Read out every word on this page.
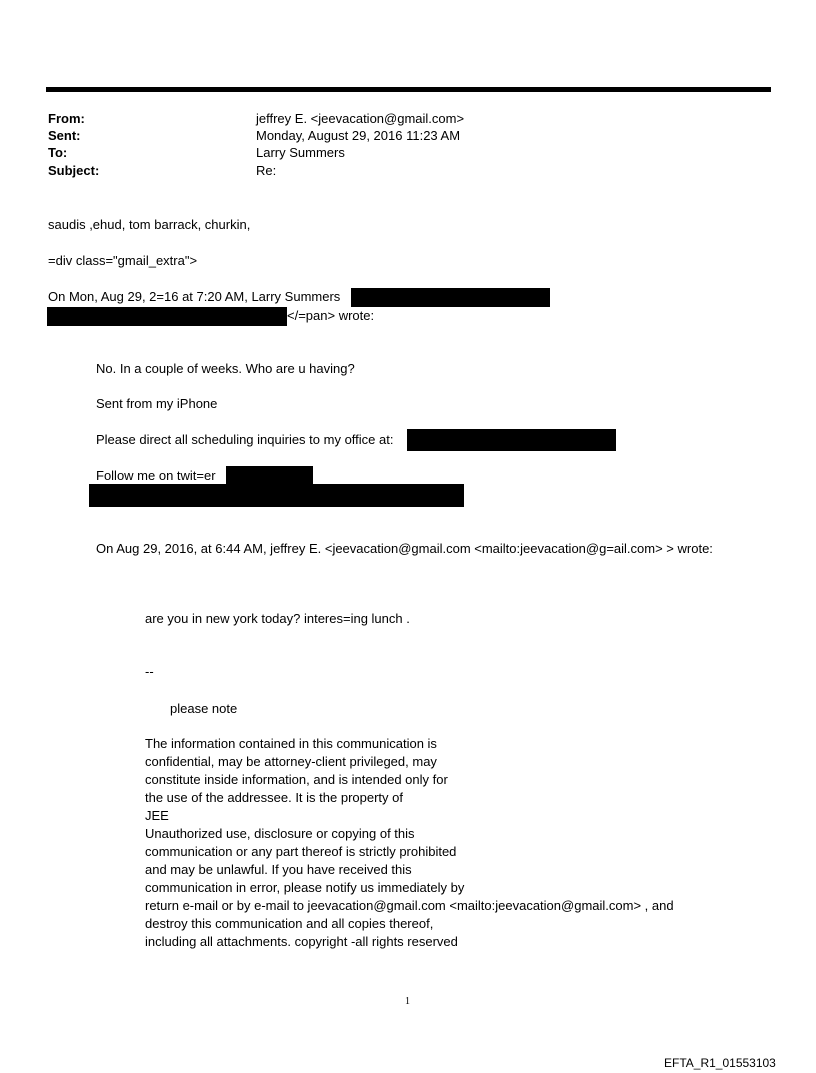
From:	jeffrey E. <jeevacation@gmail.com>
Sent:	Monday, August 29, 2016 11:23 AM
To:	Larry Summers
Subject:	Re:
saudis ,ehud, tom barrack, churkin,
=div class="gmail_extra">
On Mon, Aug 29, 2=16 at 7:20 AM, Larry Summers
</=pan> wrote:
No. In a couple of weeks. Who are u having?
Sent from my iPhone
Please direct all scheduling inquiries to my office at:
Follow me on twit=er
On Aug 29, 2016, at 6:44 AM, jeffrey E. <jeevacation@gmail.com <mailto:jeevacation@g=ail.com> > wrote:
are you in new york today? interes=ing lunch .
--
please note
The information contained in this communication is
confidential, may be attorney-client privileged, may
constitute inside information, and is intended only for
the use of the addressee. It is the property of
JEE
Unauthorized use, disclosure or copying of this
communication or any part thereof is strictly prohibited
and may be unlawful. If you have received this
communication in error, please notify us immediately by
return e-mail or by e-mail to jeevacation@gmail.com <mailto:jeevacation@gmail.com> , and
destroy this communication and all copies thereof,
including all attachments. copyright -all rights reserved
1
EFTA_R1_01553103
